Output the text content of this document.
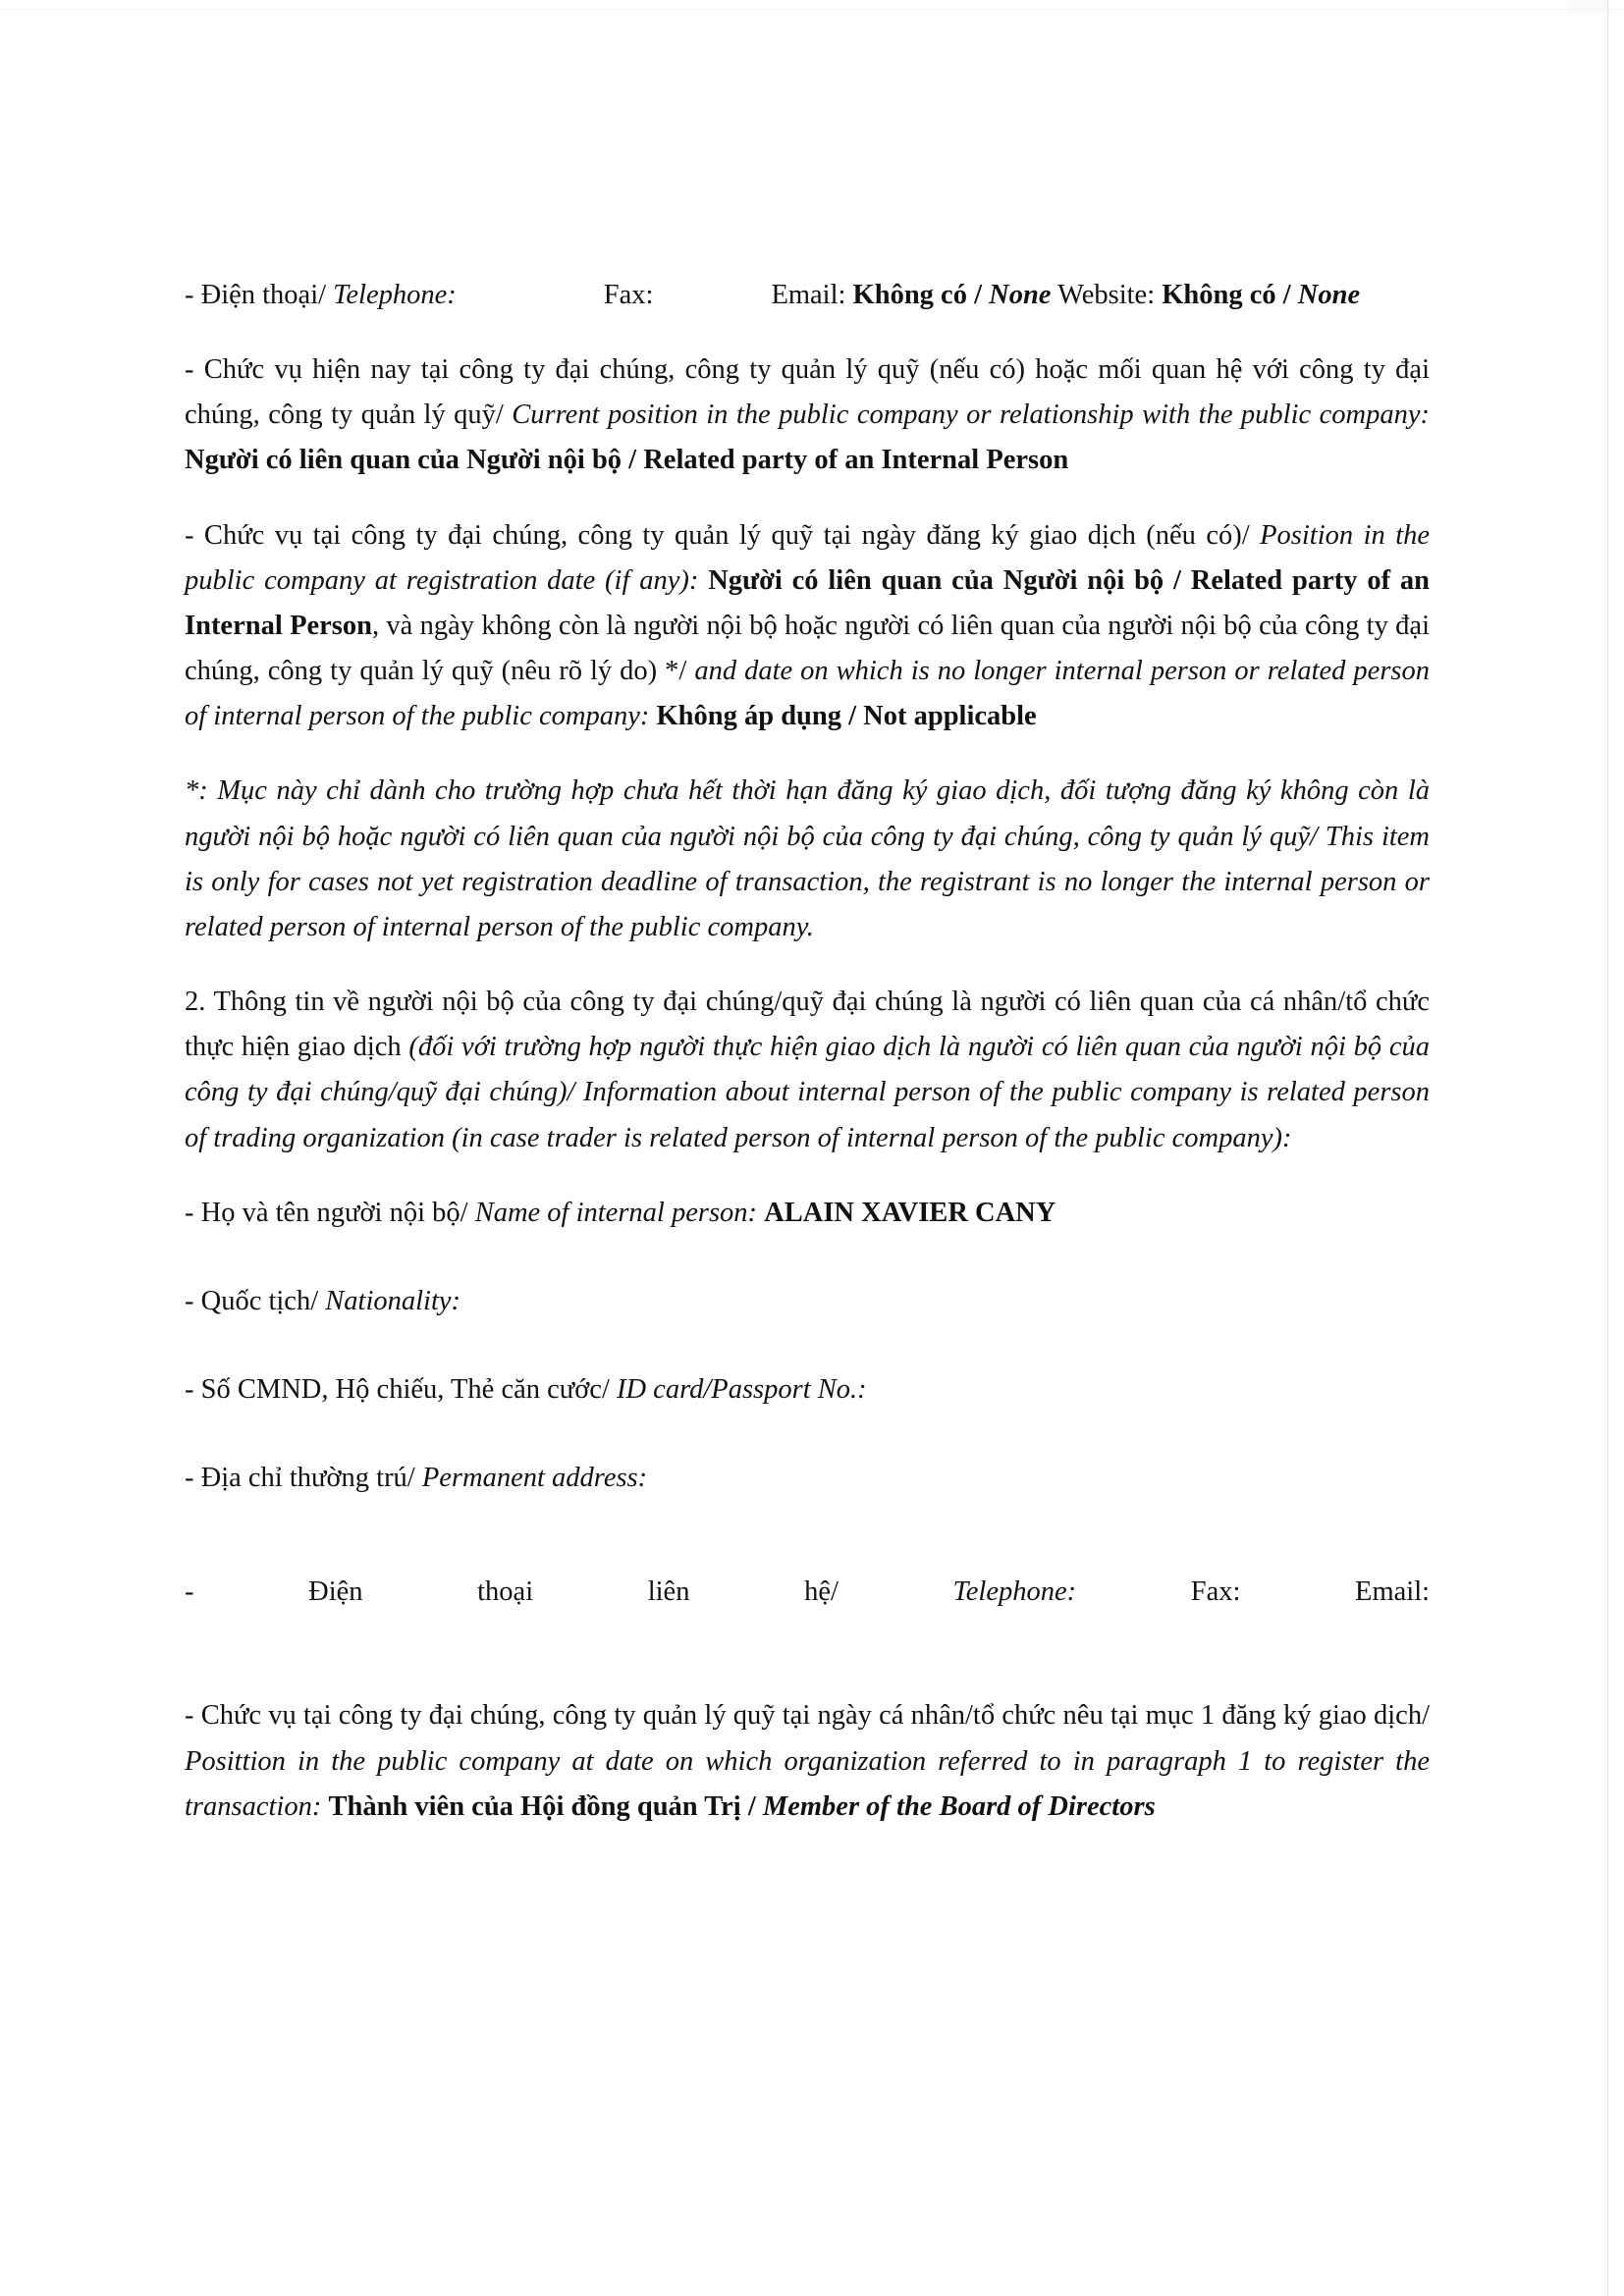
- Điện thoại/ Telephone:	Fax:	Email: Không có / None Website: Không có / None

- Chức vụ hiện nay tại công ty đại chúng, công ty quản lý quỹ (nếu có) hoặc mối quan hệ với công ty đại chúng, công ty quản lý quỹ/ Current position in the public company or relationship with the public company: Người có liên quan của Người nội bộ / Related party of an Internal Person

- Chức vụ tại công ty đại chúng, công ty quản lý quỹ tại ngày đăng ký giao dịch (nếu có)/ Position in the public company at registration date (if any): Người có liên quan của Người nội bộ / Related party of an Internal Person, và ngày không còn là người nội bộ hoặc người có liên quan của người nội bộ của công ty đại chúng, công ty quản lý quỹ (nêu rõ lý do) */ and date on which is no longer internal person or related person of internal person of the public company: Không áp dụng / Not applicable

*: Mục này chỉ dành cho trường hợp chưa hết thời hạn đăng ký giao dịch, đối tượng đăng ký không còn là người nội bộ hoặc người có liên quan của người nội bộ của công ty đại chúng, công ty quản lý quỹ/ This item is only for cases not yet registration deadline of transaction, the registrant is no longer the internal person or related person of internal person of the public company.

2. Thông tin về người nội bộ của công ty đại chúng/quỹ đại chúng là người có liên quan của cá nhân/tổ chức thực hiện giao dịch (đối với trường hợp người thực hiện giao dịch là người có liên quan của người nội bộ của công ty đại chúng/quỹ đại chúng)/ Information about internal person of the public company is related person of trading organization (in case trader is related person of internal person of the public company):

- Họ và tên người nội bộ/ Name of internal person: ALAIN XAVIER CANY

- Quốc tịch/ Nationality:

- Số CMND, Hộ chiếu, Thẻ căn cước/ ID card/Passport No.:

- Địa chỉ thường trú/ Permanent address:

- Điện thoại liên hệ/	Telephone:	Fax:	Email:

- Chức vụ tại công ty đại chúng, công ty quản lý quỹ tại ngày cá nhân/tổ chức nêu tại mục 1 đăng ký giao dịch/ Posittion in the public company at date on which organization referred to in paragraph 1 to register the transaction: Thành viên của Hội đồng quản Trị / Member of the Board of Directors
